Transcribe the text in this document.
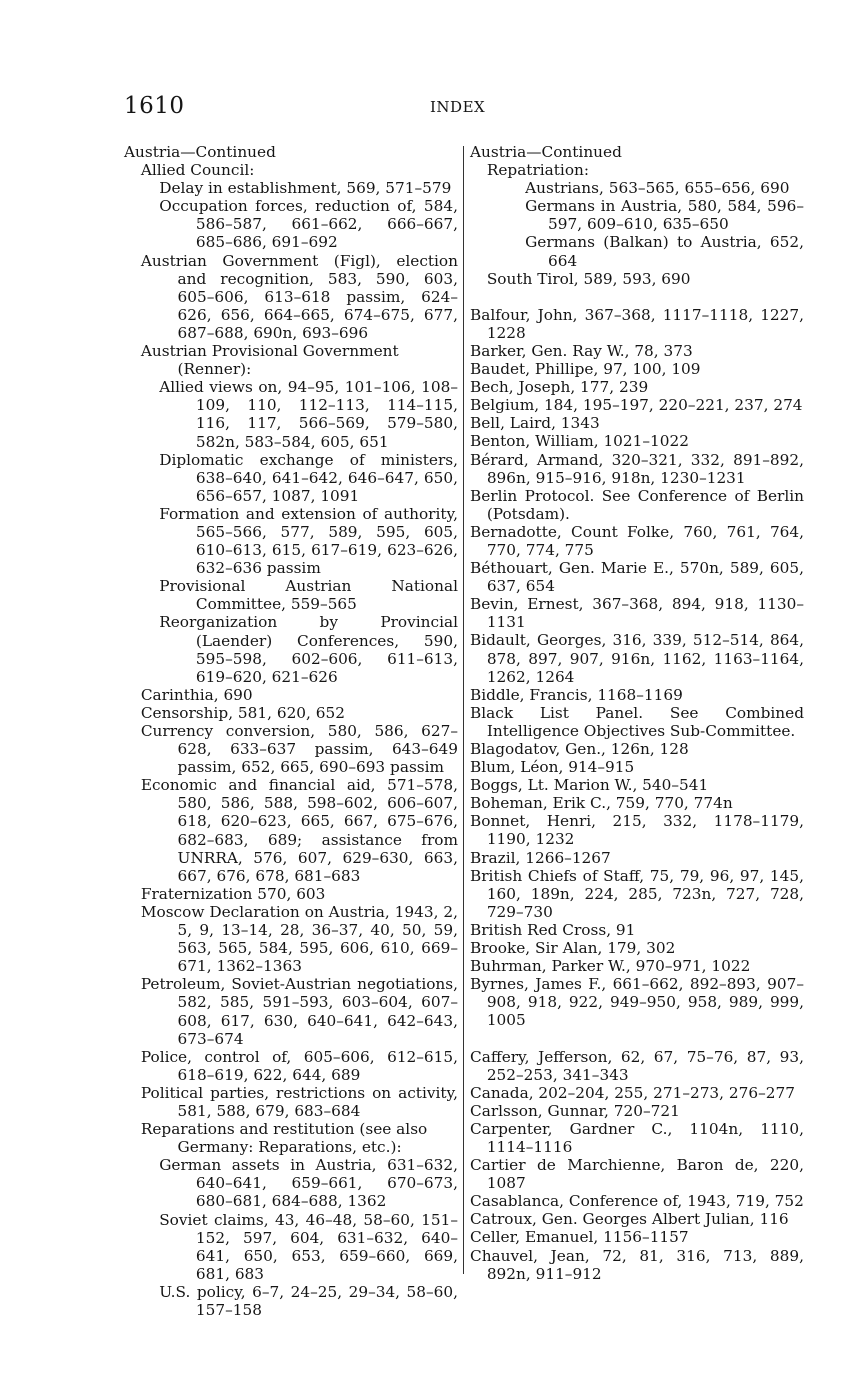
1610	INDEX

Austria—Continued

Allied Council:

Delay in establishment, 569, 571–579

Occupation forces, reduction of, 584, 586–587, 661–662, 666–667, 685–686, 691–692

Austrian Government (Figl), election and recognition, 583, 590, 603, 605–606, 613–618 passim, 624–626, 656, 664–665, 674–675, 677, 687–688, 690n, 693–696

Austrian Provisional Government (Renner):

Allied views on, 94–95, 101–106, 108–109, 110, 112–113, 114–115, 116, 117, 566–569, 579–580, 582n, 583–584, 605, 651

Diplomatic exchange of ministers, 638–640, 641–642, 646–647, 650, 656–657, 1087, 1091

Formation and extension of authority, 565–566, 577, 589, 595, 605, 610–613, 615, 617–619, 623–626, 632–636 passim

Provisional Austrian National Committee, 559–565

Reorganization by Provincial (Laender) Conferences, 590, 595–598, 602–606, 611–613, 619–620, 621–626

Carinthia, 690

Censorship, 581, 620, 652

Currency conversion, 580, 586, 627–628, 633–637 passim, 643–649 passim, 652, 665, 690–693 passim

Economic and financial aid, 571–578, 580, 586, 588, 598–602, 606–607, 618, 620–623, 665, 667, 675–676, 682–683, 689; assistance from UNRRA, 576, 607, 629–630, 663, 667, 676, 678, 681–683

Fraternization 570, 603

Moscow Declaration on Austria, 1943, 2, 5, 9, 13–14, 28, 36–37, 40, 50, 59, 563, 565, 584, 595, 606, 610, 669–671, 1362–1363

Petroleum, Soviet-Austrian negotiations, 582, 585, 591–593, 603–604, 607–608, 617, 630, 640–641, 642–643, 673–674

Police, control of, 605–606, 612–615, 618–619, 622, 644, 689

Political parties, restrictions on activity, 581, 588, 679, 683–684

Reparations and restitution (see also Germany: Reparations, etc.):

German assets in Austria, 631–632, 640–641, 659–661, 670–673, 680–681, 684–688, 1362

Soviet claims, 43, 46–48, 58–60, 151–152, 597, 604, 631–632, 640–641, 650, 653, 659–660, 669, 681, 683

U.S. policy, 6–7, 24–25, 29–34, 58–60, 157–158

Austria—Continued

Repatriation:

Austrians, 563–565, 655–656, 690

Germans in Austria, 580, 584, 596–597, 609–610, 635–650

Germans (Balkan) to Austria, 652, 664

South Tirol, 589, 593, 690

Balfour, John, 367–368, 1117–1118, 1227, 1228

Barker, Gen. Ray W., 78, 373

Baudet, Phillipe, 97, 100, 109

Bech, Joseph, 177, 239

Belgium, 184, 195–197, 220–221, 237, 274

Bell, Laird, 1343

Benton, William, 1021–1022

Bérard, Armand, 320–321, 332, 891–892, 896n, 915–916, 918n, 1230–1231

Berlin Protocol. See Conference of Berlin (Potsdam).

Bernadotte, Count Folke, 760, 761, 764, 770, 774, 775

Béthouart, Gen. Marie E., 570n, 589, 605, 637, 654

Bevin, Ernest, 367–368, 894, 918, 1130–1131

Bidault, Georges, 316, 339, 512–514, 864, 878, 897, 907, 916n, 1162, 1163–1164, 1262, 1264

Biddle, Francis, 1168–1169

Black List Panel. See Combined Intelligence Objectives Sub-Committee.

Blagodatov, Gen., 126n, 128

Blum, Léon, 914–915

Boggs, Lt. Marion W., 540–541

Boheman, Erik C., 759, 770, 774n

Bonnet, Henri, 215, 332, 1178–1179, 1190, 1232

Brazil, 1266–1267

British Chiefs of Staff, 75, 79, 96, 97, 145, 160, 189n, 224, 285, 723n, 727, 728, 729–730

British Red Cross, 91

Brooke, Sir Alan, 179, 302

Buhrman, Parker W., 970–971, 1022

Byrnes, James F., 661–662, 892–893, 907–908, 918, 922, 949–950, 958, 989, 999, 1005

Caffery, Jefferson, 62, 67, 75–76, 87, 93, 252–253, 341–343

Canada, 202–204, 255, 271–273, 276–277

Carlsson, Gunnar, 720–721

Carpenter, Gardner C., 1104n, 1110, 1114–1116

Cartier de Marchienne, Baron de, 220, 1087

Casablanca, Conference of, 1943, 719, 752

Catroux, Gen. Georges Albert Julian, 116

Celler, Emanuel, 1156–1157

Chauvel, Jean, 72, 81, 316, 713, 889, 892n, 911–912
